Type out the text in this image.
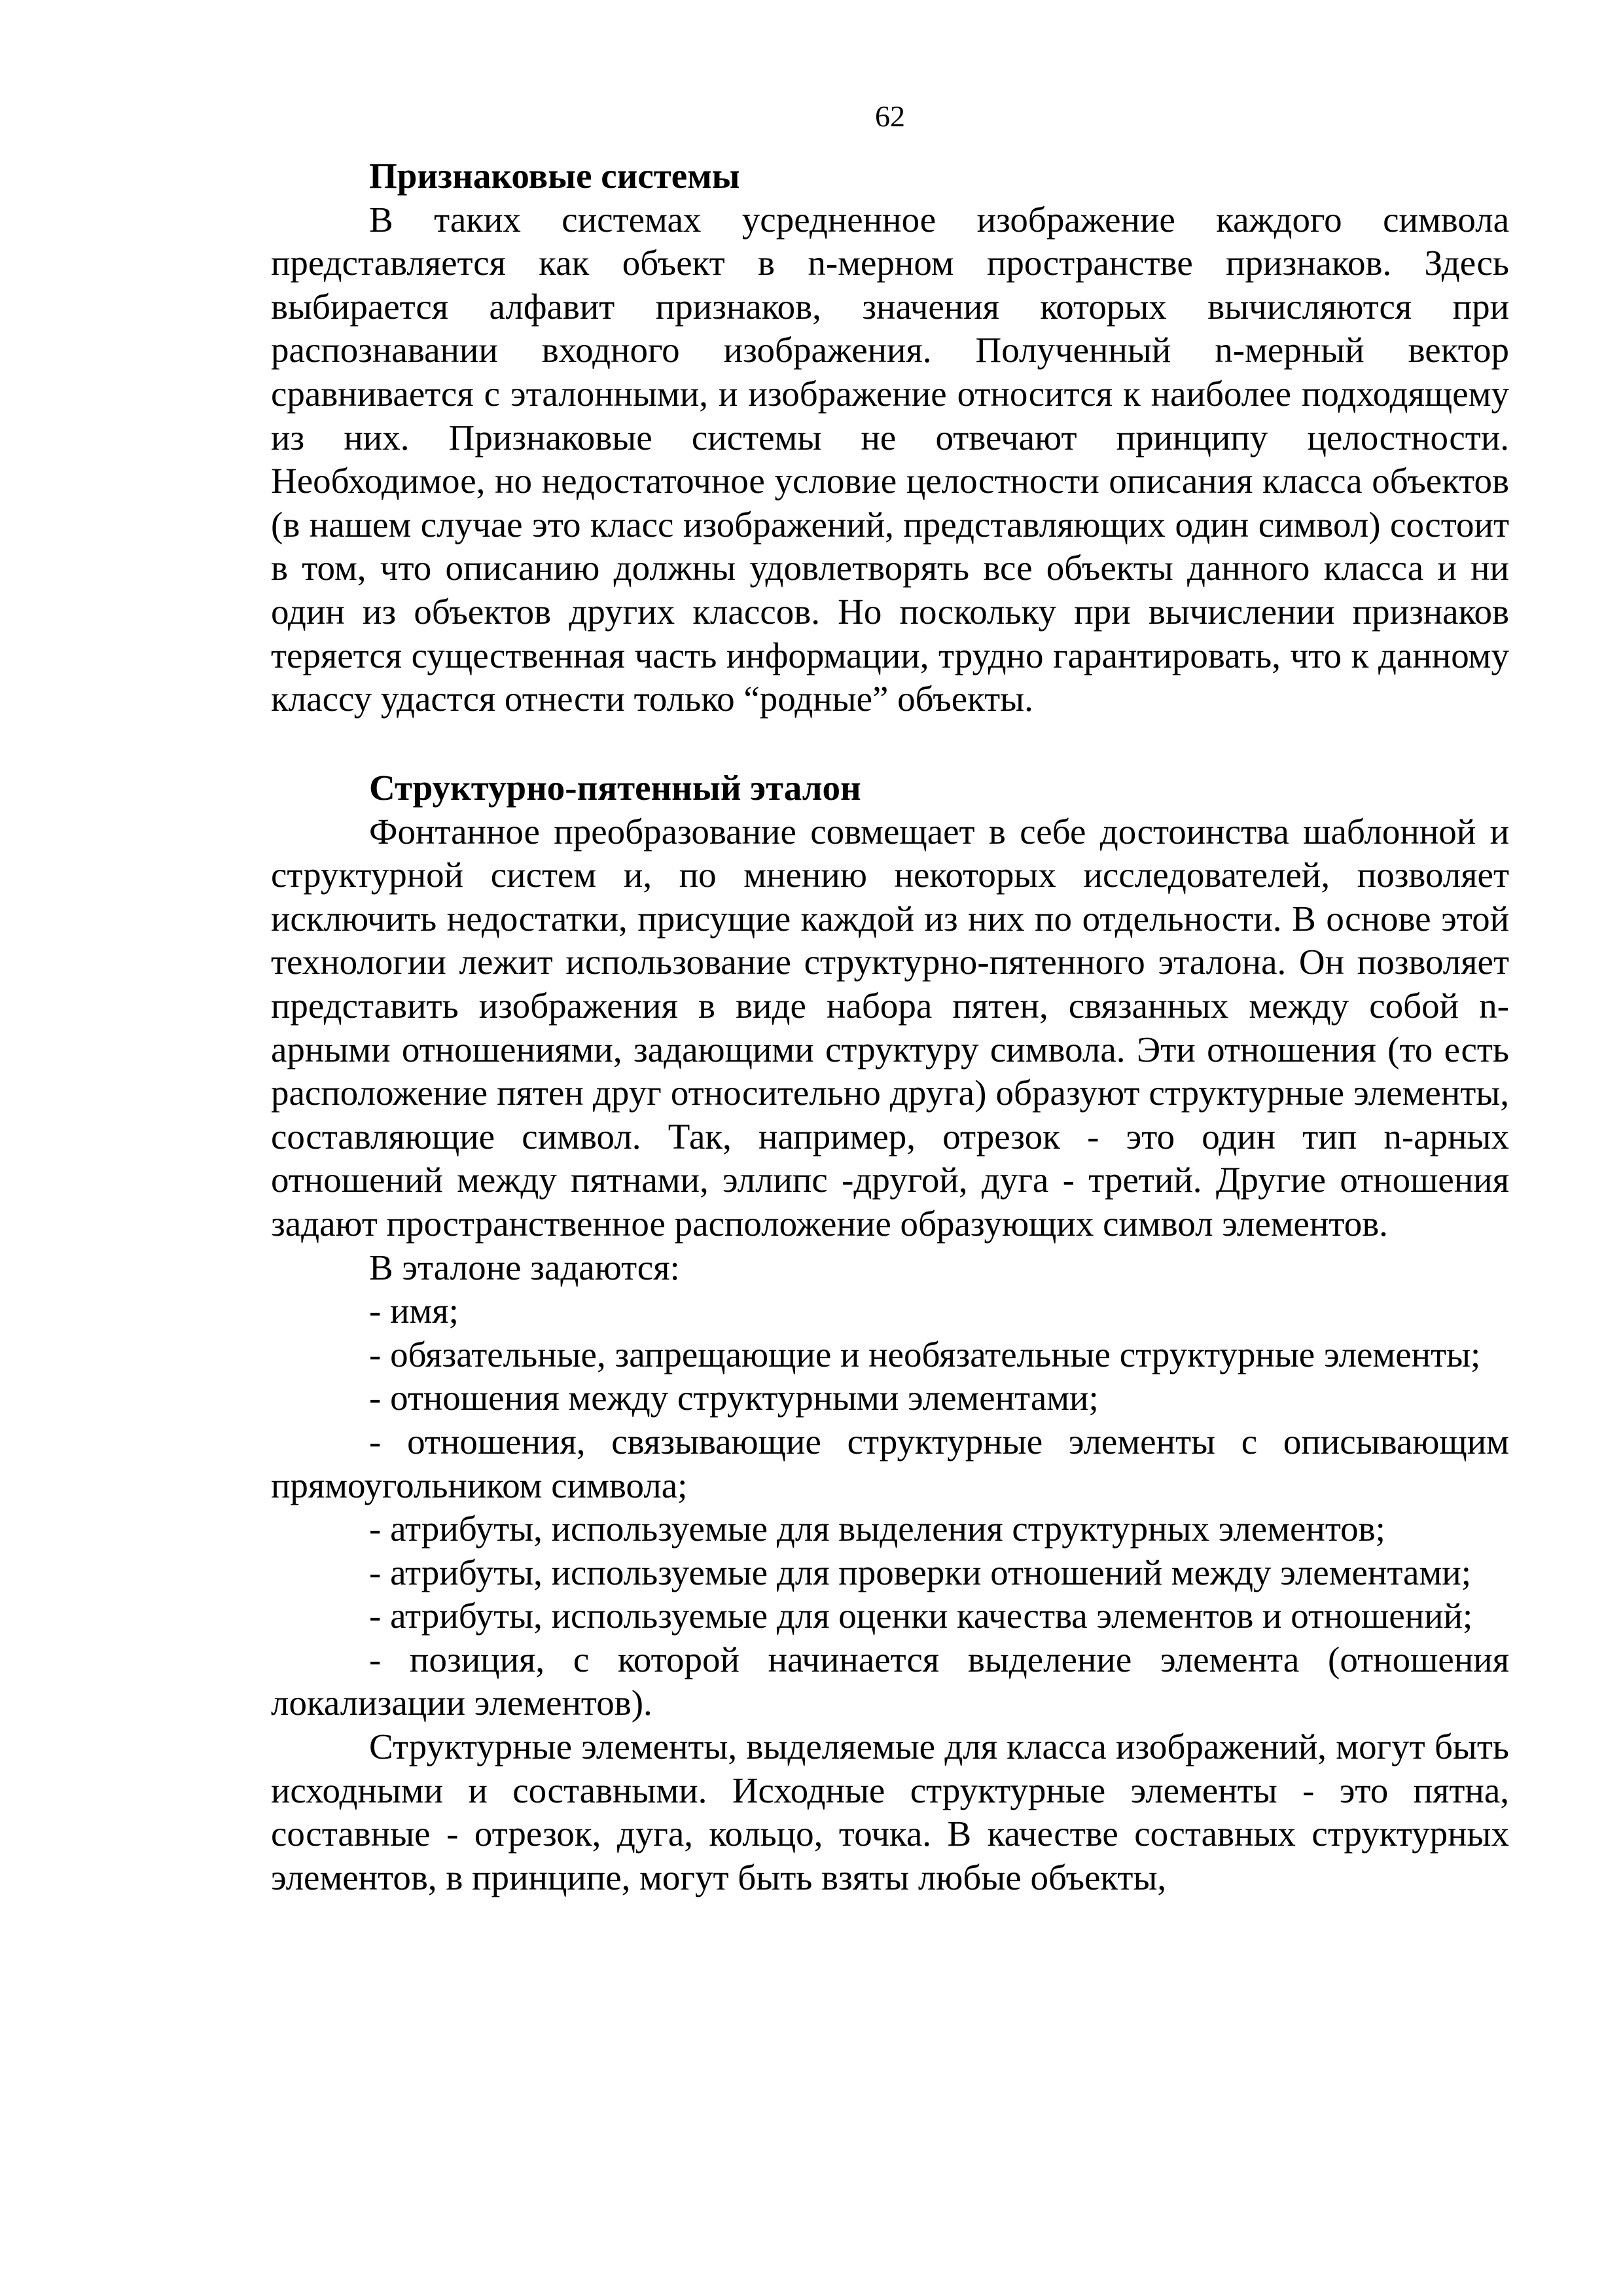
62

Признаковые системы

В таких системах усредненное изображение каждого символа представляется как объект в n-мерном пространстве признаков. Здесь выбирается алфавит признаков, значения которых вычисляются при распознавании входного изображения. Полученный n-мерный вектор сравнивается с эталонными, и изображение относится к наиболее подходящему из них. Признаковые системы не отвечают принципу целостности. Необходимое, но недостаточное условие целостности описания класса объектов (в нашем случае это класс изображений, представляющих один символ) состоит в том, что описанию должны удовлетворять все объекты данного класса и ни один из объектов других классов. Но поскольку при вычислении признаков теряется существенная часть информации, трудно гарантировать, что к данному классу удастся отнести только “родные” объекты.

Структурно-пятенный эталон

Фонтанное преобразование совмещает в себе достоинства шаблонной и структурной систем и, по мнению некоторых исследователей, позволяет исключить недостатки, присущие каждой из них по отдельности. В основе этой технологии лежит использование структурно-пятенного эталона. Он позволяет представить изображения в виде набора пятен, связанных между собой n-арными отношениями, задающими структуру символа. Эти отношения (то есть расположение пятен друг относительно друга) образуют структурные элементы, составляющие символ. Так, например, отрезок - это один тип n-арных отношений между пятнами, эллипс -другой, дуга - третий. Другие отношения задают пространственное расположение образующих символ элементов.

В эталоне задаются:

- имя;

- обязательные, запрещающие и необязательные структурные элементы;

- отношения между структурными элементами;

- отношения, связывающие структурные элементы с описывающим прямоугольником символа;

- атрибуты, используемые для выделения структурных элементов;

- атрибуты, используемые для проверки отношений между элементами;

- атрибуты, используемые для оценки качества элементов и отношений;

- позиция, с которой начинается выделение элемента (отношения локализации элементов).

Структурные элементы, выделяемые для класса изображений, могут быть исходными и составными. Исходные структурные элементы - это пятна, составные - отрезок, дуга, кольцо, точка. В качестве составных структурных элементов, в принципе, могут быть взяты любые объекты,
